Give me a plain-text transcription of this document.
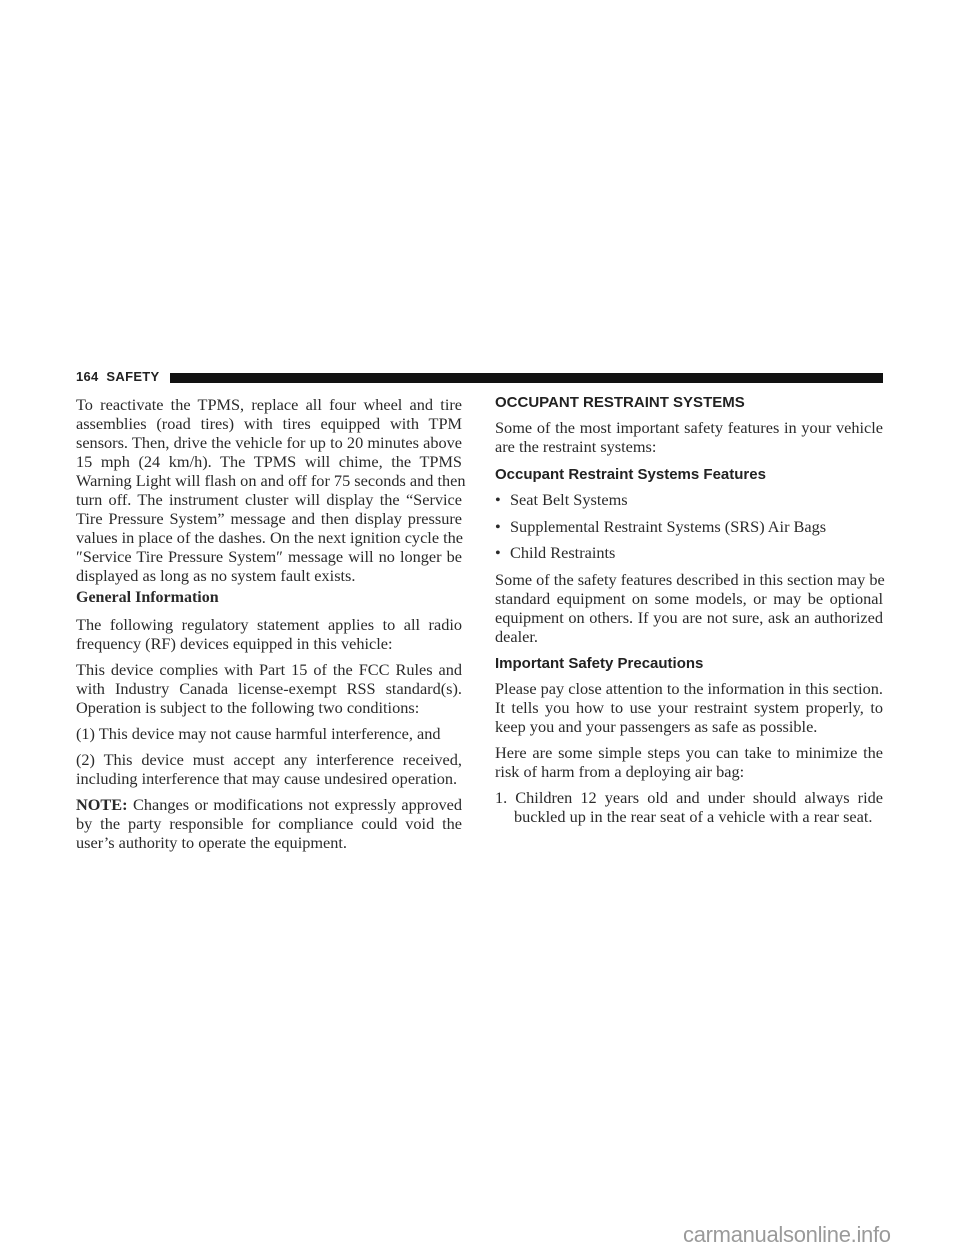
164 SAFETY
To reactivate the TPMS, replace all four wheel and tire
assemblies (road tires) with tires equipped with TPM
sensors. Then, drive the vehicle for up to 20 minutes above
15 mph (24 km/h). The TPMS will chime, the TPMS
Warning Light will flash on and off for 75 seconds and then
turn off. The instrument cluster will display the “Service
Tire Pressure System” message and then display pressure
values in place of the dashes. On the next ignition cycle the
″Service Tire Pressure System″ message will no longer be
displayed as long as no system fault exists.
General Information
The following regulatory statement applies to all radio
frequency (RF) devices equipped in this vehicle:
This device complies with Part 15 of the FCC Rules and
with Industry Canada license-exempt RSS standard(s).
Operation is subject to the following two conditions:
(1) This device may not cause harmful interference, and
(2) This device must accept any interference received,
including interference that may cause undesired operation.
NOTE: Changes or modifications not expressly approved
by the party responsible for compliance could void the
user’s authority to operate the equipment.
OCCUPANT RESTRAINT SYSTEMS
Some of the most important safety features in your vehicle
are the restraint systems:
Occupant Restraint Systems Features
• Seat Belt Systems
• Supplemental Restraint Systems (SRS) Air Bags
• Child Restraints
Some of the safety features described in this section may be
standard equipment on some models, or may be optional
equipment on others. If you are not sure, ask an authorized
dealer.
Important Safety Precautions
Please pay close attention to the information in this section.
It tells you how to use your restraint system properly, to
keep you and your passengers as safe as possible.
Here are some simple steps you can take to minimize the
risk of harm from a deploying air bag:
1. Children 12 years old and under should always ride
buckled up in the rear seat of a vehicle with a rear seat.
carmanualsonline.info
